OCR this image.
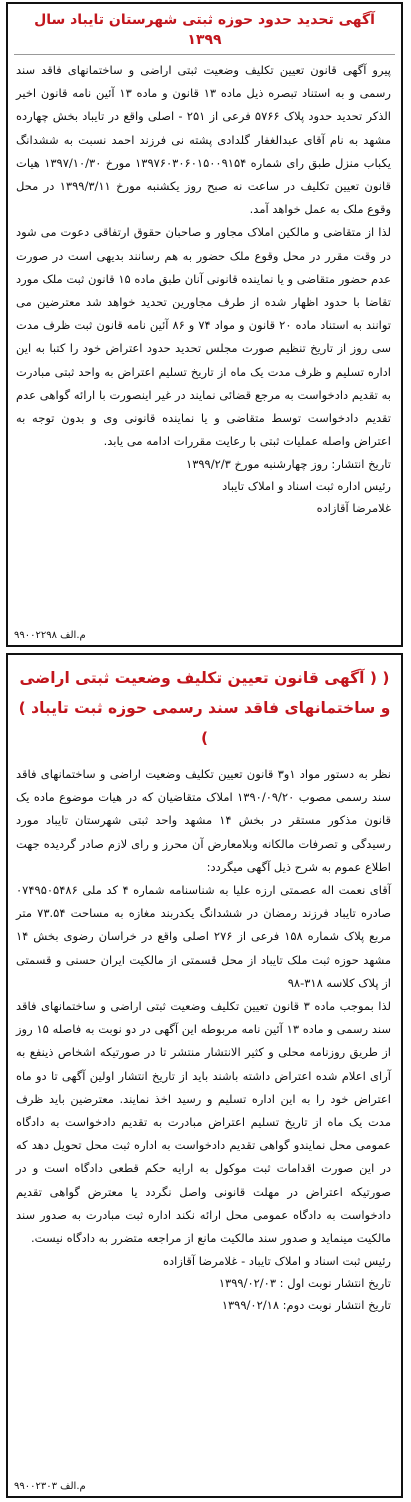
آگهی تحدید حدود حوزه ثبتی شهرستان تایباد سال ۱۳۹۹

پیرو آگهی قانون تعیین تکلیف وضعیت ثبتی اراضی و ساختمانهای فاقد سند رسمی و به استناد تبصره ذیل ماده ۱۳ قانون و ماده ۱۳ آئین نامه قانون اخیر الذکر تحدید حدود پلاک ۵۷۶۶ فرعی از ۲۵۱ - اصلی واقع در تایباد بخش چهارده مشهد به نام آقای عبدالغفار گلدادی پشته نی فرزند احمد نسبت به ششدانگ یکباب منزل طبق رای شماره ۱۳۹۷۶۰۳۰۶۰۱۵۰۰۹۱۵۴ مورخ ۱۳۹۷/۱۰/۳۰ هیات قانون تعیین تکلیف در ساعت نه صبح روز یکشنبه مورخ ۱۳۹۹/۳/۱۱ در محل وقوع ملک به عمل خواهد آمد.

لذا از متقاضی و مالکین املاک مجاور و صاحبان حقوق ارتفاقی دعوت می شود در وقت مقرر در محل وقوع ملک حضور به هم رسانند بدیهی است در صورت عدم حضور متقاضی و یا نماینده قانونی آنان طبق ماده ۱۵ قانون ثبت ملک مورد تقاضا با حدود اظهار شده از طرف مجاورین تحدید خواهد شد معترضین می توانند به استناد ماده ۲۰ قانون و مواد ۷۴ و ۸۶ آئین نامه قانون ثبت ظرف مدت سی روز از تاریخ تنظیم صورت مجلس تحدید حدود اعتراض خود را کتبا به این اداره تسلیم و ظرف مدت یک ماه از تاریخ تسلیم اعتراض به واحد ثبتی مبادرت به تقدیم دادخواست به مرجع قضائی نمایند در غیر اینصورت با ارائه گواهی عدم تقدیم دادخواست توسط متقاضی و یا نماینده قانونی وی و بدون توجه به اعتراض واصله عملیات ثبتی با رعایت مقررات ادامه می یابد.

تاریخ انتشار: روز چهارشنبه مورخ ۱۳۹۹/۲/۳
رئیس اداره ثبت اسناد و املاک تایباد
غلامرضا آقازاده
م.الف ۹۹۰۰۲۲۹۸
( ( آگهی قانون تعیین تکلیف وضعیت ثبتی اراضی و ساختمانهای فاقد سند رسمی حوزه ثبت تایباد ) )

نظر به دستور مواد ۱و۳ قانون تعیین تکلیف وضعیت اراضی و ساختمانهای فاقد سند رسمی مصوب ۱۳۹۰/۰۹/۲۰ املاک متقاضیان که در هیات موضوع ماده یک قانون مذکور مستقر در بخش ۱۴ مشهد واحد ثبتی شهرستان تایباد مورد رسیدگی و تصرفات مالکانه وبلامعارض آن محرز و رای لازم صادر گردیده جهت اطلاع عموم به شرح ذیل آگهی میگردد:

آقای نعمت اله عصمتی ارزه علیا به شناسنامه شماره ۴ کد ملی ۰۷۴۹۵۰۵۴۸۶ صادره تایباد فرزند رمضان در ششدانگ یکدربند مغازه به مساحت ۷۳.۵۴ متر مربع پلاک شماره ۱۵۸ فرعی از ۲۷۶ اصلی واقع در خراسان رضوی بخش ۱۴ مشهد حوزه ثبت ملک تایباد از محل قسمتی از مالکیت ایران حسنی و قسمتی از پلاک کلاسه ۳۱۸-۹۸

لذا بموجب ماده ۳ قانون تعیین تکلیف وضعیت ثبتی اراضی و ساختمانهای فاقد سند رسمی و ماده ۱۳ آئین نامه مربوطه این آگهی در دو نوبت به فاصله ۱۵ روز از طریق روزنامه محلی و کثیر الانتشار منتشر تا در صورتیکه اشخاص ذینفع به آرای اعلام شده اعتراض داشته باشند باید از تاریخ انتشار اولین آگهی تا دو ماه اعتراض خود را به این اداره تسلیم و رسید اخذ نمایند. معترضین باید ظرف مدت یک ماه از تاریخ تسلیم اعتراض مبادرت به تقدیم دادخواست به دادگاه عمومی محل نمایندو گواهی تقدیم دادخواست به اداره ثبت محل تحویل دهد که در این صورت اقدامات ثبت موکول به ارایه حکم قطعی دادگاه است و در صورتیکه اعتراض در مهلت قانونی واصل نگردد یا معترض گواهی تقدیم دادخواست به دادگاه عمومی محل ارائه نکند اداره ثبت مبادرت به صدور سند مالکیت مینماید و صدور سند مالکیت مانع از مراجعه متضرر به دادگاه نیست.

رئیس ثبت اسناد و املاک تایباد - غلامرضا آقازاده
تاریخ انتشار نوبت اول : ۱۳۹۹/۰۲/۰۳
تاریخ انتشار نوبت دوم: ۱۳۹۹/۰۲/۱۸
م.الف ۹۹۰۰۲۳۰۳
